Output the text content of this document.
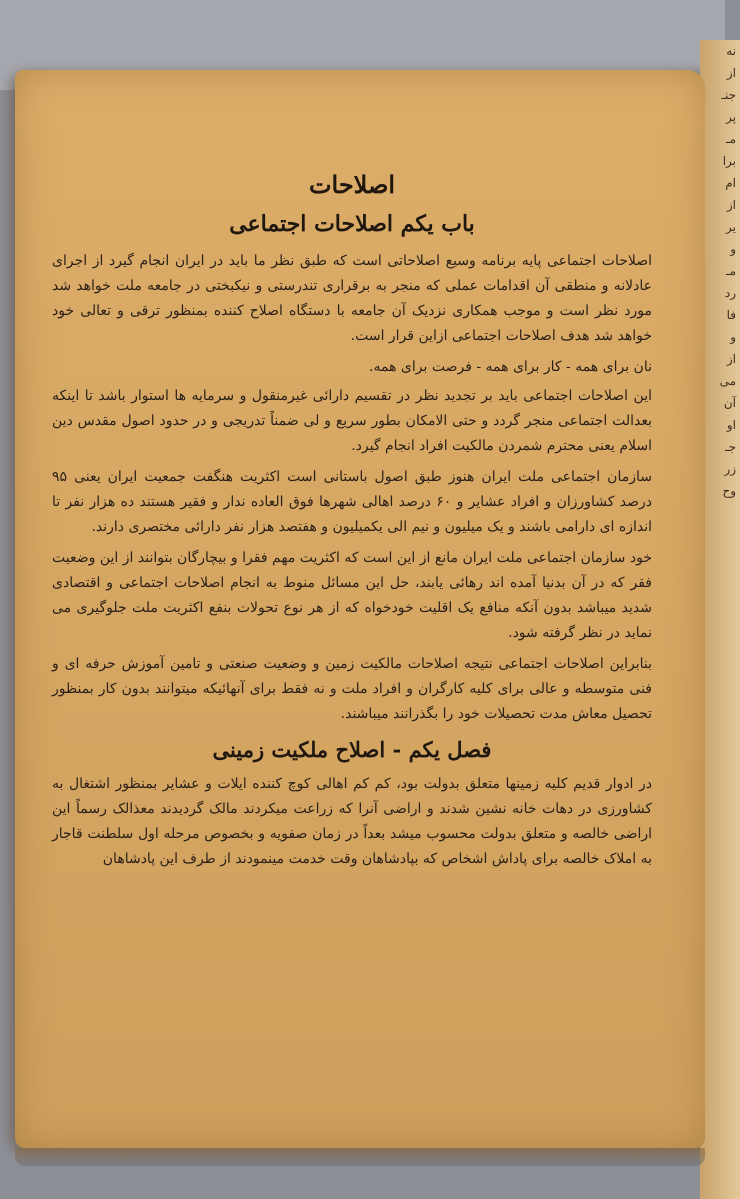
نه
از
جنـ
پر
مـ
برا
ام
از
یر
و
مـ
رد
فا
و
از
می
آن
او
جـ
زر
وح
اصلاحات
باب یکم اصلاحات اجتماعی

اصلاحات اجتماعی پایه برنامه وسیع اصلاحاتی است که طبق نظر ما باید در ایران انجام گیرد از اجرای عادلانه و منطقی آن اقدامات عملی که منجر به برقراری تندرستی و نیکبختی در جامعه ملت خواهد شد مورد نظر است و موجب همکاری نزدیک آن جامعه با دستگاه اصلاح کننده بمنظور ترقی و تعالی خود خواهد شد هدف اصلاحات اجتماعی ازاین قرار است.

نان برای همه - کار برای همه - فرصت برای همه.

این اصلاحات اجتماعی باید بر تجدید نظر در تقسیم دارائی غیرمنقول و سرمایه ها استوار باشد تا اینکه بعدالت اجتماعی منجر گردد و حتی الامکان بطور سریع و لی ضمناً تدریجی و در حدود اصول مقدس دین اسلام یعنی محترم شمردن مالکیت افراد انجام گیرد.

سازمان اجتماعی ملت ایران هنوز طبق اصول باستانی است اکثریت هنگفت جمعیت ایران یعنی ۹۵ درصد کشاورزان و افراد عشایر و ۶۰ درصد اهالی شهرها فوق العاده ندار و فقیر هستند ده هزار نفر تا اندازه ای دارامی باشند و یک میلیون و نیم الی یکمیلیون و هفتصد هزار نفر دارائی مختصری دارند.

خود سازمان اجتماعی ملت ایران مانع از این است که اکثریت مهم فقرا و بیچارگان بتوانند از این وضعیت فقر که در آن بدنیا آمده اند رهائی یابند، حل این مسائل منوط به انجام اصلاحات اجتماعی و اقتصادی شدید میباشد بدون آنکه منافع یک اقلیت خودخواه که از هر نوع تحولات بنفع اکثریت ملت جلوگیری می نماید در نظر گرفته شود.

بنابراین اصلاحات اجتماعی نتیجه اصلاحات مالکیت زمین و وضعیت صنعتی و تامین آموزش حرفه ای و فنی متوسطه و عالی برای کلیه کارگران و افراد ملت و نه فقط برای آنهائیکه میتوانند بدون کار بمنظور تحصیل معاش مدت تحصیلات خود را بگذرانند میباشند.

فصل یکم - اصلاح ملکیت زمینی

در ادوار قدیم کلیه زمینها متعلق بدولت بود، کم کم اهالی کوچ کننده ایلات و عشایر بمنظور اشتغال به کشاورزی در دهات خانه نشین شدند و اراضی آنرا که زراعت میکردند مالک گردیدند معذالک رسماً این اراضی خالصه و متعلق بدولت محسوب میشد بعداً در زمان صفویه و بخصوص مرحله اول سلطنت قاجار به املاک خالصه برای پاداش اشخاص که بپادشاهان وقت خدمت مینمودند از طرف این پادشاهان
